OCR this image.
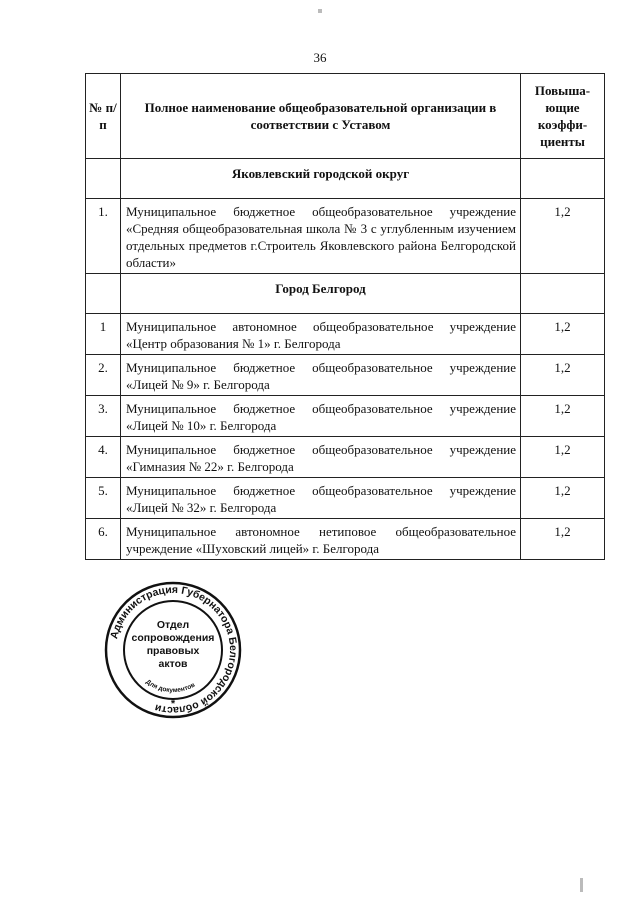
36
№ п/п	Полное наименование общеобразовательной организации в соответствии с Уставом	Повыша- ющие коэффи- циенты
	Яковлевский городской округ	
1.	Муниципальное бюджетное общеобразовательное учреждение «Средняя общеобразовательная школа № 3 с углубленным изучением отдельных предметов г.Строитель Яковлевского района Белгородской области»	1,2
	Город Белгород	
1	Муниципальное автономное общеобразовательное учреждение «Центр образования № 1» г. Белгорода	1,2
2.	Муниципальное бюджетное общеобразовательное учреждение «Лицей № 9» г. Белгорода	1,2
3.	Муниципальное бюджетное общеобразовательное учреждение «Лицей № 10» г. Белгорода	1,2
4.	Муниципальное бюджетное общеобразовательное учреждение «Гимназия № 22» г. Белгорода	1,2
5.	Муниципальное бюджетное общеобразовательное учреждение «Лицей № 32» г. Белгорода	1,2
6.	Муниципальное автономное нетиповое общеобразовательное учреждение «Шуховский лицей» г. Белгорода	1,2
Администрация Губернатора Белгородской области
Для документов
Отдел
сопровождения
правовых
актов
*
